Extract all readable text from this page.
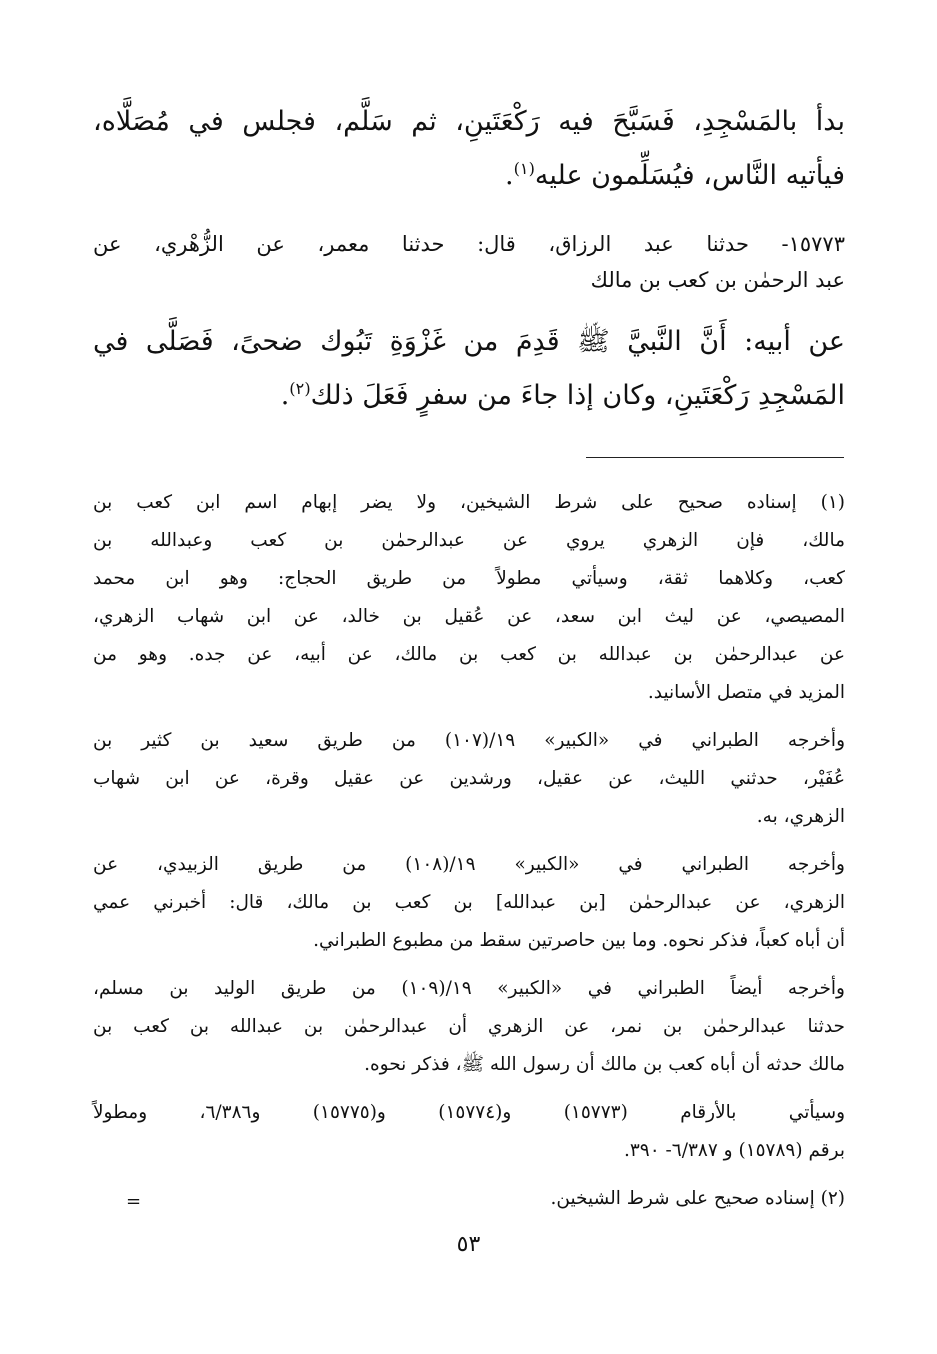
بدأ بالمَسْجِدِ، فَسَبَّحَ فيه رَكْعَتَينِ، ثم سَلَّم، فجلس في مُصَلَّاه،
فيأتيه النَّاس، فيُسَلِّمون عليه$^{(١)}$.
١٥٧٧٣- حدثنا عبد الرزاق، قال: حدثنا معمر، عن الزُّهْري، عن
عبد الرحمٰن بن كعب بن مالك
عن أبيه: أَنَّ النَّبيَّ ﷺ قَدِمَ من غَزْوَةِ تَبُوك ضحىً، فَصَلَّى في
المَسْجِدِ رَكْعَتَينِ، وكان إذا جاءَ من سفرٍ فَعَلَ ذلك$^{(٢)}$.
(١) إسناده صحيح على شرط الشيخين، ولا يضر إبهام اسم ابن كعب بن
مالك، فإن الزهري يروي عن عبدالرحمٰن بن كعب وعبدالله بن
كعب، وكلاهما ثقة، وسيأتي مطولاً من طريق الحجاج: وهو ابن محمد
المصيصي، عن ليث ابن سعد، عن عُقيل بن خالد، عن ابن شهاب الزهري،
عن عبدالرحمٰن بن عبدالله بن كعب بن مالك، عن أبيه، عن جده. وهو من
المزيد في متصل الأسانيد.
وأخرجه الطبراني في «الكبير» ١٩/(١٠٧) من طريق سعيد بن كثير بن
عُفَيْر، حدثني الليث، عن عقيل، ورشدين عن عقيل وقرة، عن ابن شهاب
الزهري، به.
وأخرجه الطبراني في «الكبير» ١٩/(١٠٨) من طريق الزبيدي، عن
الزهري، عن عبدالرحمٰن [بن عبدالله] بن كعب بن مالك، قال: أخبرني عمي
أن أباه كعباً، فذكر نحوه. وما بين حاصرتين سقط من مطبوع الطبراني.
وأخرجه أيضاً الطبراني في «الكبير» ١٩/(١٠٩) من طريق الوليد بن مسلم،
حدثنا عبدالرحمٰن بن نمر، عن الزهري أن عبدالرحمٰن بن عبدالله بن كعب بن
مالك حدثه أن أباه كعب بن مالك أن رسول الله ﷺ، فذكر نحوه.
وسيأتي بالأرقام (١٥٧٧٣) و(١٥٧٧٤) و(١٥٧٧٥) و٦/٣٨٦، ومطولاً
برقم (١٥٧٨٩) و ٦/٣٨٧- ٣٩٠.
(٢) إسناده صحيح على شرط الشيخين.
=
٥٣
